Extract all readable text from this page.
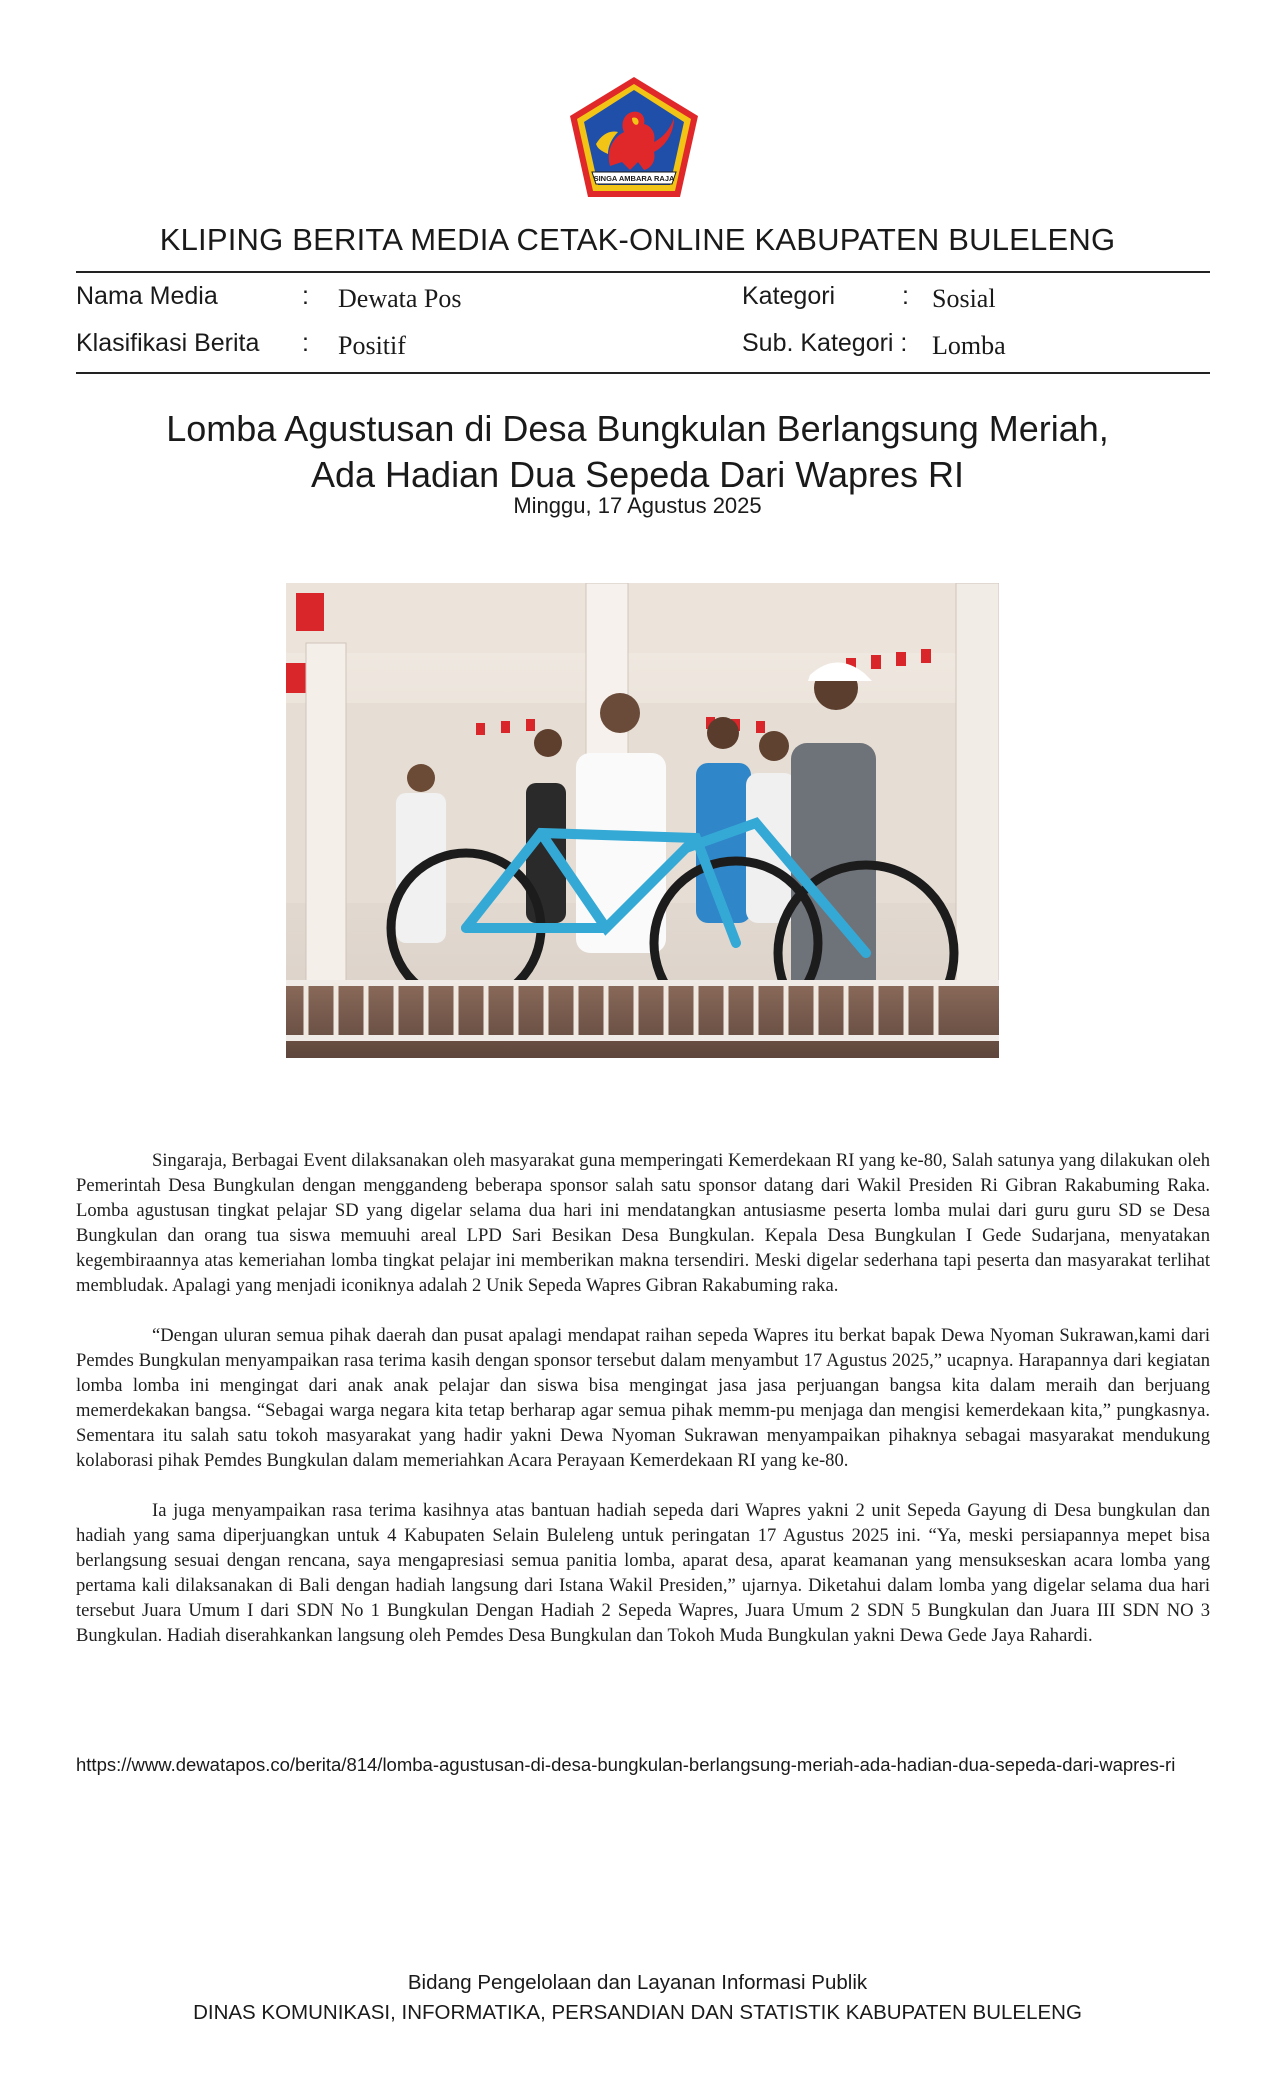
SINGA AMBARA RAJA
KLIPING BERITA MEDIA CETAK-ONLINE KABUPATEN BULELENG
Nama Media	: Dewata Pos	Kategori	: Sosial
Klasifikasi Berita : Positif	Sub. Kategori : Lomba
Lomba Agustusan di Desa Bungkulan Berlangsung Meriah,
Ada Hadian Dua Sepeda Dari Wapres RI
Minggu, 17 Agustus 2025

Singaraja, Berbagai Event dilaksanakan oleh masyarakat guna memperingati Kemerdekaan RI yang ke-80, Salah satunya yang dilakukan oleh Pemerintah Desa Bungkulan dengan menggandeng beberapa sponsor salah satu sponsor datang dari Wakil Presiden Ri Gibran Rakabuming Raka. Lomba agustusan tingkat pelajar SD yang digelar selama dua hari ini mendatangkan antusiasme peserta lomba mulai dari guru guru SD se Desa Bungkulan dan orang tua siswa memuuhi areal LPD Sari Besikan Desa Bungkulan. Kepala Desa Bungkulan I Gede Sudarjana, menyatakan kegembiraannya atas kemeriahan lomba tingkat pelajar ini memberikan makna tersendiri. Meski digelar sederhana tapi peserta dan masyarakat terlihat membludak. Apalagi yang menjadi iconiknya adalah 2 Unik Sepeda Wapres Gibran Rakabuming raka.

“Dengan uluran semua pihak daerah dan pusat apalagi mendapat raihan sepeda Wapres itu berkat bapak Dewa Nyoman Sukrawan,kami dari Pemdes Bungkulan menyampaikan rasa terima kasih dengan sponsor tersebut dalam menyambut 17 Agustus 2025,” ucapnya. Harapannya dari kegiatan lomba lomba ini mengingat dari anak anak pelajar dan siswa bisa mengingat jasa jasa perjuangan bangsa kita dalam meraih dan berjuang memerdekakan bangsa. “Sebagai warga negara kita tetap berharap agar semua pihak memm-pu menjaga dan mengisi kemerdekaan kita,” pungkasnya. Sementara itu salah satu tokoh masyarakat yang hadir yakni Dewa Nyoman Sukrawan menyampaikan pihaknya sebagai masyarakat mendukung kolaborasi pihak Pemdes Bungkulan dalam memeriahkan Acara Perayaan Kemerdekaan RI yang ke-80.

Ia juga menyampaikan rasa terima kasihnya atas bantuan hadiah sepeda dari Wapres yakni 2 unit Sepeda Gayung di Desa bungkulan dan hadiah yang sama diperjuangkan untuk 4 Kabupaten Selain Buleleng untuk peringatan 17 Agustus 2025 ini. “Ya, meski persiapannya mepet bisa berlangsung sesuai dengan rencana, saya mengapresiasi semua panitia lomba, aparat desa, aparat keamanan yang mensukseskan acara lomba yang pertama kali dilaksanakan di Bali dengan hadiah langsung dari Istana Wakil Presiden,” ujarnya. Diketahui dalam lomba yang digelar selama dua hari tersebut Juara Umum I dari SDN No 1 Bungkulan Dengan Hadiah 2 Sepeda Wapres, Juara Umum 2 SDN 5 Bungkulan dan Juara III SDN NO 3 Bungkulan. Hadiah diserahkankan langsung oleh Pemdes Desa Bungkulan dan Tokoh Muda Bungkulan yakni Dewa Gede Jaya Rahardi.

https://www.dewatapos.co/berita/814/lomba-agustusan-di-desa-bungkulan-berlangsung-meriah-ada-hadian-dua-sepeda-dari-wapres-ri
Bidang Pengelolaan dan Layanan Informasi Publik
DINAS KOMUNIKASI, INFORMATIKA, PERSANDIAN DAN STATISTIK KABUPATEN BULELENG
